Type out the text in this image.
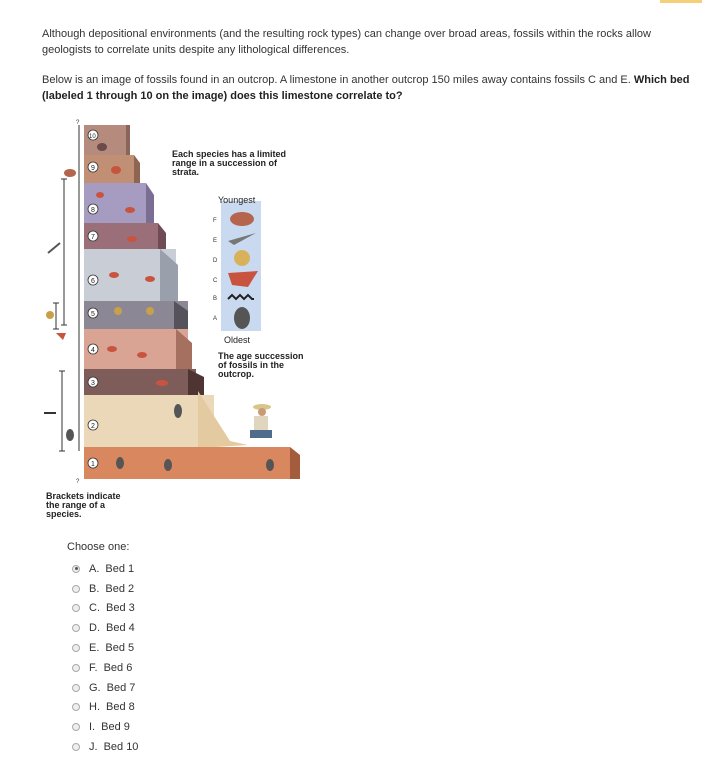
Although depositional environments (and the resulting rock types) can change over broad areas, fossils within the rocks allow geologists to correlate units despite any lithological differences.
Below is an image of fossils found in an outcrop. A limestone in another outcrop 150 miles away contains fossils C and E. Which bed (labeled 1 through 10 on the image) does this limestone correlate to?
10
9
8
7
6
5
4
3
2
1
?
?
Each species has a limited
range in a succession of
strata.
Youngest
F
E
D
C
B
A
Oldest
The age succession
of fossils in the
outcrop.
Brackets indicate
the range of a
species.
Choose one:
A. Bed 1
B. Bed 2
C. Bed 3
D. Bed 4
E. Bed 5
F. Bed 6
G. Bed 7
H. Bed 8
I. Bed 9
J. Bed 10
